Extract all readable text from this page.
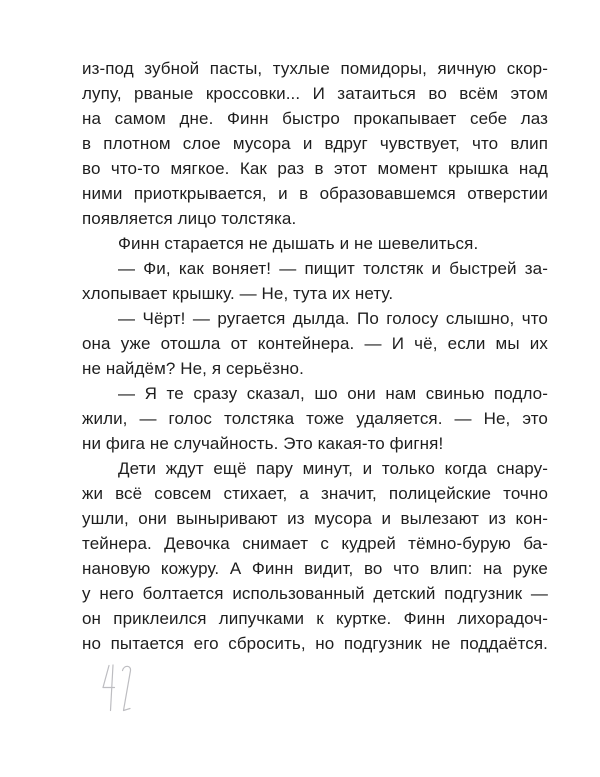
из-под зубной пасты, тухлые помидоры, яичную скор-
лупу, рваные кроссовки... И затаиться во всём этом
на самом дне. Финн быстро прокапывает себе лаз
в плотном слое мусора и вдруг чувствует, что влип
во что-то мягкое. Как раз в этот момент крышка над
ними приоткрывается, и в образовавшемся отверстии
появляется лицо толстяка.
Финн старается не дышать и не шевелиться.
— Фи, как воняет! — пищит толстяк и быстрей за-
хлопывает крышку. — Не, тута их нету.
— Чёрт! — ругается дылда. По голосу слышно, что
она уже отошла от контейнера. — И чё, если мы их
не найдём? Не, я серьёзно.
— Я те сразу сказал, шо они нам свинью подло-
жили, — голос толстяка тоже удаляется. — Не, это
ни фига не случайность. Это какая-то фигня!
Дети ждут ещё пару минут, и только когда снару-
жи всё совсем стихает, а значит, полицейские точно
ушли, они выныривают из мусора и вылезают из кон-
тейнера. Девочка снимает с кудрей тёмно-бурую ба-
нановую кожуру. А Финн видит, во что влип: на руке
у него болтается использованный детский подгузник —
он приклеился липучками к куртке. Финн лихорадоч-
но пытается его сбросить, но подгузник не поддаётся.
